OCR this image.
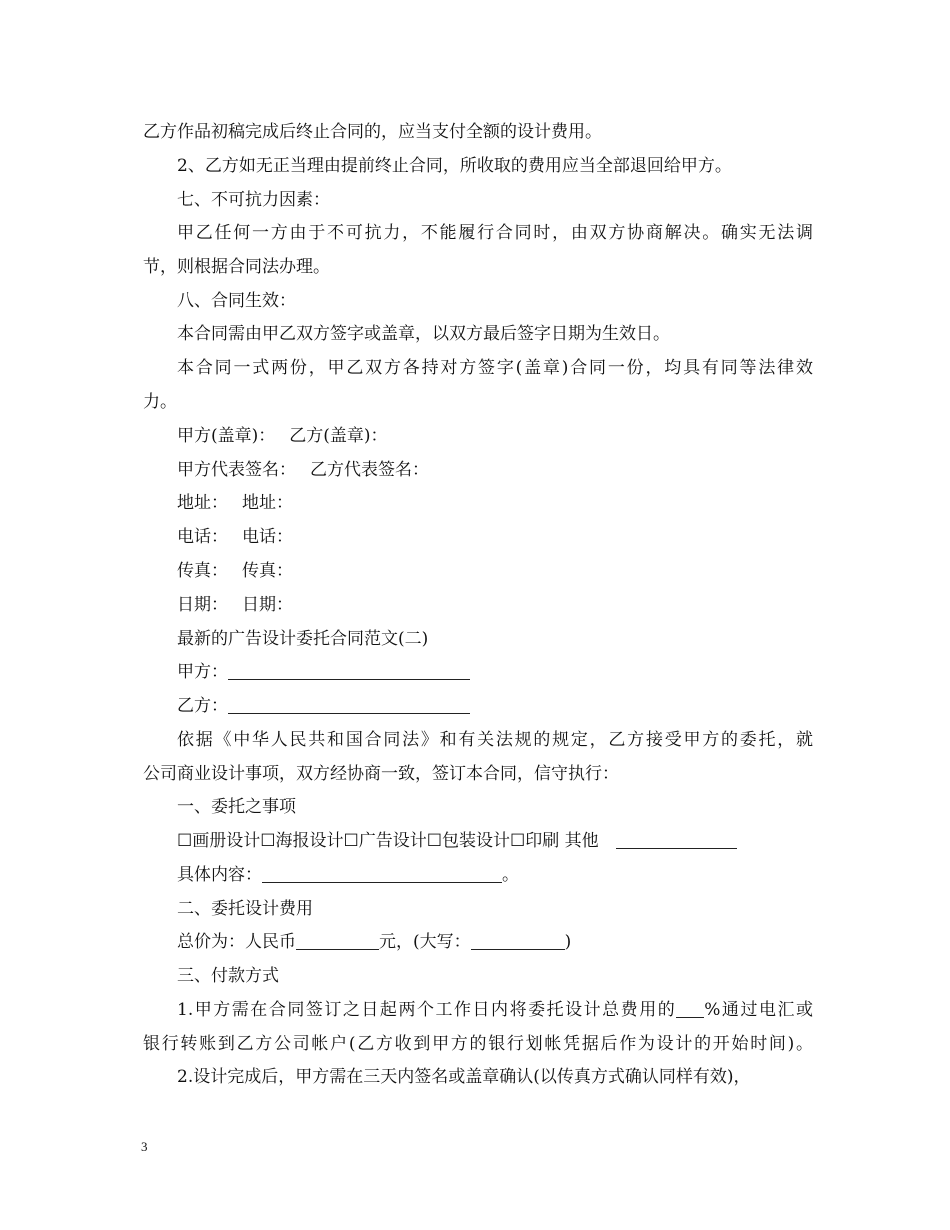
乙方作品初稿完成后终止合同的，应当支付全额的设计费用。
2、乙方如无正当理由提前终止合同，所收取的费用应当全部退回给甲方。
七、不可抗力因素：
甲乙任何一方由于不可抗力，不能履行合同时，由双方协商解决。确实无法调
节，则根据合同法办理。
八、合同生效：
本合同需由甲乙双方签字或盖章，以双方最后签字日期为生效日。
本合同一式两份，甲乙双方各持对方签字(盖章)合同一份，均具有同等法律效
力。
甲方(盖章)： 乙方(盖章)：
甲方代表签名： 乙方代表签名：
地址： 地址：
电话： 电话：
传真： 传真：
日期： 日期：
最新的广告设计委托合同范文(二)
甲方：
乙方：
依据《中华人民共和国合同法》和有关法规的规定，乙方接受甲方的委托，就
公司商业设计事项，双方经协商一致，签订本合同，信守执行：
一、委托之事项
☐画册设计☐海报设计☐广告设计☐包装设计☐印刷 其他
具体内容：	。
二、委托设计费用
总价为：人民币	元，(大写：	)
三、付款方式
1.甲方需在合同签订之日起两个工作日内将委托设计总费用的 %通过电汇或
银行转账到乙方公司帐户(乙方收到甲方的银行划帐凭据后作为设计的开始时间)。
2.设计完成后，甲方需在三天内签名或盖章确认(以传真方式确认同样有效)，
3
